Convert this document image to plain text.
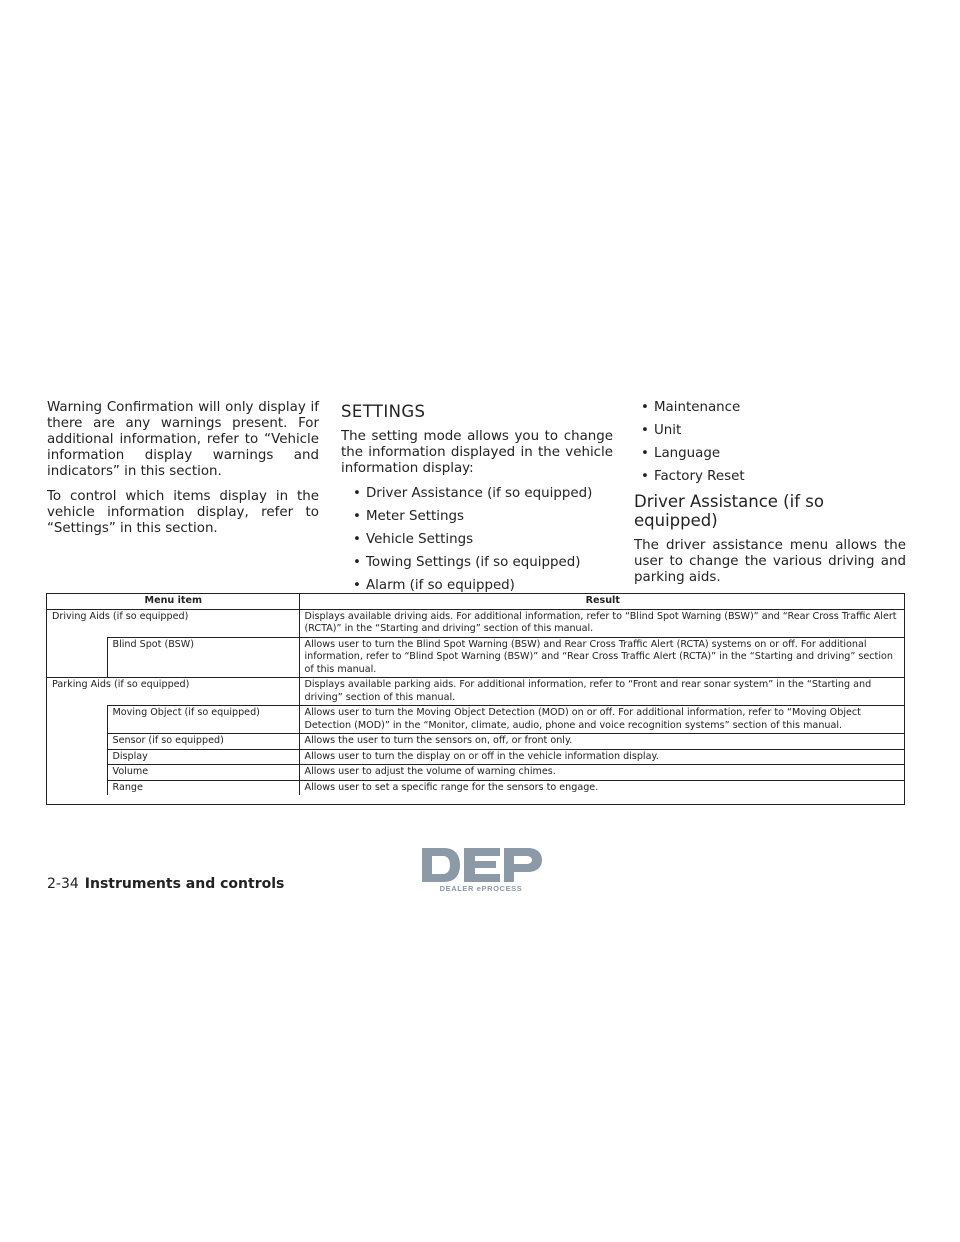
Warning Confirmation will only display if there are any warnings present. For additional information, refer to “Vehicle information display warnings and indicators” in this section.

To control which items display in the vehicle information display, refer to “Settings” in this section.

SETTINGS

The setting mode allows you to change the information displayed in the vehicle information display:

• Driver Assistance (if so equipped)
• Meter Settings
• Vehicle Settings
• Towing Settings (if so equipped)
• Alarm (if so equipped)
• Maintenance
• Unit
• Language
• Factory Reset
Driver Assistance (if so equipped)

The driver assistance menu allows the user to change the various driving and parking aids.

Menu item		Result
Driving Aids (if so equipped)		Displays available driving aids. For additional information, refer to “Blind Spot Warning (BSW)” and “Rear Cross Traffic Alert (RCTA)” in the “Starting and driving” section of this manual.
	Blind Spot (BSW)	Allows user to turn the Blind Spot Warning (BSW) and Rear Cross Traffic Alert (RCTA) systems on or off. For additional information, refer to “Blind Spot Warning (BSW)” and “Rear Cross Traffic Alert (RCTA)” in the “Starting and driving” section of this manual.
Parking Aids (if so equipped)		Displays available parking aids. For additional information, refer to “Front and rear sonar system” in the “Starting and driving” section of this manual.
	Moving Object (if so equipped)	Allows user to turn the Moving Object Detection (MOD) on or off. For additional information, refer to “Moving Object Detection (MOD)” in the “Monitor, climate, audio, phone and voice recognition systems” section of this manual.
	Sensor (if so equipped)	Allows the user to turn the sensors on, off, or front only.
	Display	Allows user to turn the display on or off in the vehicle information display.
	Volume	Allows user to adjust the volume of warning chimes.
	Range	Allows user to set a specific range for the sensors to engage.
2-34 Instruments and controls	DEALER ePROCESS
